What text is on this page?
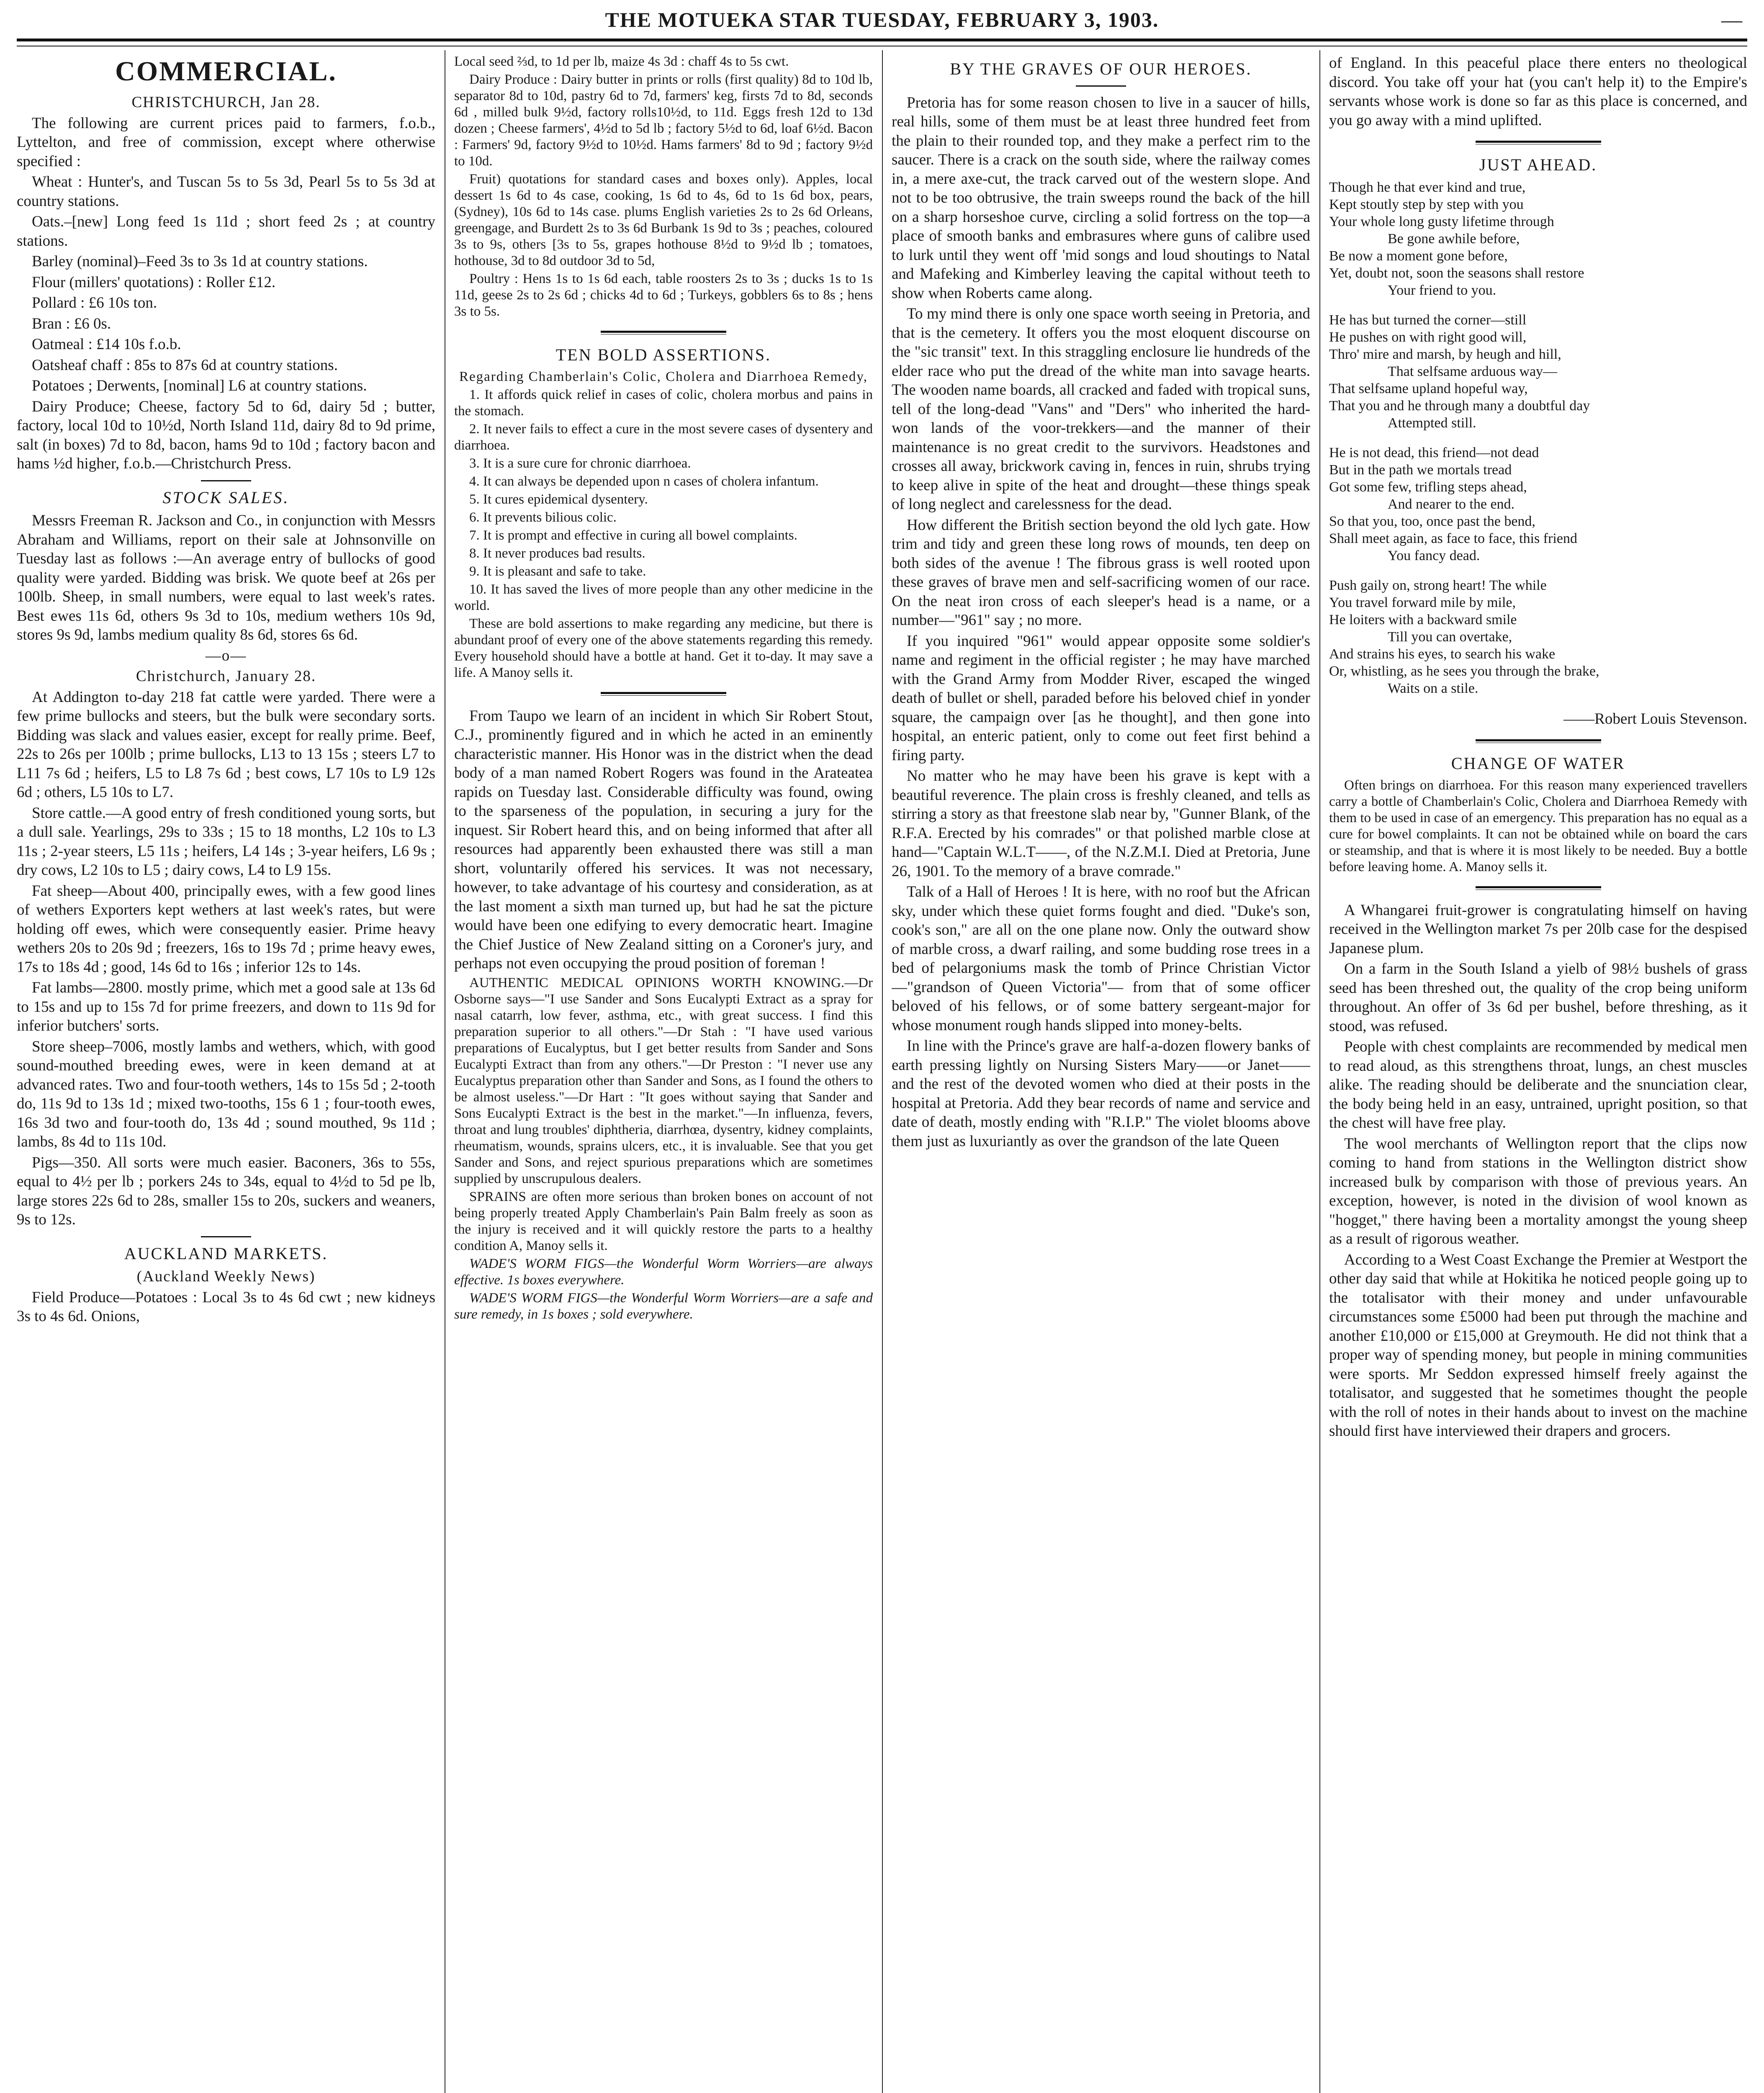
THE MOTUEKA STAR TUESDAY, FEBRUARY 3, 1903.	—
COMMERCIAL.

CHRISTCHURCH, Jan 28.

The following are current prices paid to farmers, f.o.b., Lyttelton, and free of commission, except where otherwise specified :

Wheat : Hunter's, and Tuscan 5s to 5s 3d, Pearl 5s to 5s 3d at country stations.

Oats.–[new] Long feed 1s 11d ; short feed 2s ; at country stations.

Barley (nominal)–Feed 3s to 3s 1d at country stations.

Flour (millers' quotations) : Roller £12.

Pollard : £6 10s ton.

Bran : £6 0s.

Oatmeal : £14 10s f.o.b.

Oatsheaf chaff : 85s to 87s 6d at country stations.

Potatoes ; Derwents, [nominal] L6 at country stations.

Dairy Produce; Cheese, factory 5d to 6d, dairy 5d ; butter, factory, local 10d to 10½d, North Island 11d, dairy 8d to 9d prime, salt (in boxes) 7d to 8d, bacon, hams 9d to 10d ; factory bacon and hams ½d higher, f.o.b.—Christchurch Press.

STOCK SALES.

Messrs Freeman R. Jackson and Co., in conjunction with Messrs Abraham and Williams, report on their sale at Johnsonville on Tuesday last as follows :—An average entry of bullocks of good quality were yarded. Bidding was brisk. We quote beef at 26s per 100lb. Sheep, in small numbers, were equal to last week's rates. Best ewes 11s 6d, others 9s 3d to 10s, medium wethers 10s 9d, stores 9s 9d, lambs medium quality 8s 6d, stores 6s 6d.

—o—

Christchurch, January 28.

At Addington to-day 218 fat cattle were yarded. There were a few prime bullocks and steers, but the bulk were secondary sorts. Bidding was slack and values easier, except for really prime. Beef, 22s to 26s per 100lb ; prime bullocks, L13 to 13 15s ; steers L7 to L11 7s 6d ; heifers, L5 to L8 7s 6d ; best cows, L7 10s to L9 12s 6d ; others, L5 10s to L7.

Store cattle.—A good entry of fresh conditioned young sorts, but a dull sale. Yearlings, 29s to 33s ; 15 to 18 months, L2 10s to L3 11s ; 2-year steers, L5 11s ; heifers, L4 14s ; 3-year heifers, L6 9s ; dry cows, L2 10s to L5 ; dairy cows, L4 to L9 15s.

Fat sheep—About 400, principally ewes, with a few good lines of wethers Exporters kept wethers at last week's rates, but were holding off ewes, which were consequently easier. Prime heavy wethers 20s to 20s 9d ; freezers, 16s to 19s 7d ; prime heavy ewes, 17s to 18s 4d ; good, 14s 6d to 16s ; inferior 12s to 14s.

Fat lambs—2800. mostly prime, which met a good sale at 13s 6d to 15s and up to 15s 7d for prime freezers, and down to 11s 9d for inferior butchers' sorts.

Store sheep–7006, mostly lambs and wethers, which, with good sound-mouthed breeding ewes, were in keen demand at at advanced rates. Two and four-tooth wethers, 14s to 15s 5d ; 2-tooth do, 11s 9d to 13s 1d ; mixed two-tooths, 15s 6 1 ; four-tooth ewes, 16s 3d two and four-tooth do, 13s 4d ; sound mouthed, 9s 11d ; lambs, 8s 4d to 11s 10d.

Pigs—350. All sorts were much easier. Baconers, 36s to 55s, equal to 4½ per lb ; porkers 24s to 34s, equal to 4½d to 5d pe lb, large stores 22s 6d to 28s, smaller 15s to 20s, suckers and weaners, 9s to 12s.

AUCKLAND MARKETS.

(Auckland Weekly News)

Field Produce—Potatoes : Local 3s to 4s 6d cwt ; new kidneys 3s to 4s 6d. Onions,

Local seed ⅔d, to 1d per lb, maize 4s 3d : chaff 4s to 5s cwt.

Dairy Produce : Dairy butter in prints or rolls (first quality) 8d to 10d lb, separator 8d to 10d, pastry 6d to 7d, farmers' keg, firsts 7d to 8d, seconds 6d , milled bulk 9½d, factory rolls10½d, to 11d. Eggs fresh 12d to 13d dozen ; Cheese farmers', 4½d to 5d lb ; factory 5½d to 6d, loaf 6½d. Bacon : Farmers' 9d, factory 9½d to 10½d. Hams farmers' 8d to 9d ; factory 9½d to 10d.

Fruit) quotations for standard cases and boxes only). Apples, local dessert 1s 6d to 4s case, cooking, 1s 6d to 4s, 6d to 1s 6d box, pears, (Sydney), 10s 6d to 14s case. plums English varieties 2s to 2s 6d Orleans, greengage, and Burdett 2s to 3s 6d Burbank 1s 9d to 3s ; peaches, coloured 3s to 9s, others [3s to 5s, grapes hothouse 8½d to 9½d lb ; tomatoes, hothouse, 3d to 8d outdoor 3d to 5d,

Poultry : Hens 1s to 1s 6d each, table roosters 2s to 3s ; ducks 1s to 1s 11d, geese 2s to 2s 6d ; chicks 4d to 6d ; Turkeys, gobblers 6s to 8s ; hens 3s to 5s.

TEN BOLD ASSERTIONS.

Regarding Chamberlain's Colic, Cholera and Diarrhoea Remedy,

1. It affords quick relief in cases of colic, cholera morbus and pains in the stomach.

2. It never fails to effect a cure in the most severe cases of dysentery and diarrhoea.

3. It is a sure cure for chronic diarrhoea.

4. It can always be depended upon n cases of cholera infantum.

5. It cures epidemical dysentery.

6. It prevents bilious colic.

7. It is prompt and effective in curing all bowel complaints.

8. It never produces bad results.

9. It is pleasant and safe to take.

10. It has saved the lives of more people than any other medicine in the world.

These are bold assertions to make regarding any medicine, but there is abundant proof of every one of the above statements regarding this remedy. Every household should have a bottle at hand. Get it to-day. It may save a life. A Manoy sells it.

From Taupo we learn of an incident in which Sir Robert Stout, C.J., prominently figured and in which he acted in an eminently characteristic manner. His Honor was in the district when the dead body of a man named Robert Rogers was found in the Arateatea rapids on Tuesday last. Considerable difficulty was found, owing to the sparseness of the population, in securing a jury for the inquest. Sir Robert heard this, and on being informed that after all resources had apparently been exhausted there was still a man short, voluntarily offered his services. It was not necessary, however, to take advantage of his courtesy and consideration, as at the last moment a sixth man turned up, but had he sat the picture would have been one edifying to every democratic heart. Imagine the Chief Justice of New Zealand sitting on a Coroner's jury, and perhaps not even occupying the proud position of foreman !

AUTHENTIC MEDICAL OPINIONS WORTH KNOWING.—Dr Osborne says—"I use Sander and Sons Eucalypti Extract as a spray for nasal catarrh, low fever, asthma, etc., with great success. I find this preparation superior to all others."—Dr Stah : "I have used various preparations of Eucalyptus, but I get better results from Sander and Sons Eucalypti Extract than from any others."—Dr Preston : "I never use any Eucalyptus preparation other than Sander and Sons, as I found the others to be almost useless."—Dr Hart : "It goes without saying that Sander and Sons Eucalypti Extract is the best in the market."—In influenza, fevers, throat and lung troubles' diphtheria, diarrhœa, dysentry, kidney complaints, rheumatism, wounds, sprains ulcers, etc., it is invaluable. See that you get Sander and Sons, and reject spurious preparations which are sometimes supplied by unscrupulous dealers.

SPRAINS are often more serious than broken bones on account of not being properly treated Apply Chamberlain's Pain Balm freely as soon as the injury is received and it will quickly restore the parts to a healthy condition A, Manoy sells it.

WADE'S WORM FIGS—the Wonderful Worm Worriers—are always effective. 1s boxes everywhere.

WADE'S WORM FIGS—the Wonderful Worm Worriers—are a safe and sure remedy, in 1s boxes ; sold everywhere.

BY THE GRAVES OF OUR HEROES.

Pretoria has for some reason chosen to live in a saucer of hills, real hills, some of them must be at least three hundred feet from the plain to their rounded top, and they make a perfect rim to the saucer. There is a crack on the south side, where the railway comes in, a mere axe-cut, the track carved out of the western slope. And not to be too obtrusive, the train sweeps round the back of the hill on a sharp horseshoe curve, circling a solid fortress on the top—a place of smooth banks and embrasures where guns of calibre used to lurk until they went off 'mid songs and loud shoutings to Natal and Mafeking and Kimberley leaving the capital without teeth to show when Roberts came along.

To my mind there is only one space worth seeing in Pretoria, and that is the cemetery. It offers you the most eloquent discourse on the "sic transit" text. In this straggling enclosure lie hundreds of the elder race who put the dread of the white man into savage hearts. The wooden name boards, all cracked and faded with tropical suns, tell of the long-dead "Vans" and "Ders" who inherited the hard-won lands of the voor-trekkers—and the manner of their maintenance is no great credit to the survivors. Headstones and crosses all away, brickwork caving in, fences in ruin, shrubs trying to keep alive in spite of the heat and drought—these things speak of long neglect and carelessness for the dead.

How different the British section beyond the old lych gate. How trim and tidy and green these long rows of mounds, ten deep on both sides of the avenue ! The fibrous grass is well rooted upon these graves of brave men and self-sacrificing women of our race. On the neat iron cross of each sleeper's head is a name, or a number—"961" say ; no more.

If you inquired "961" would appear opposite some soldier's name and regiment in the official register ; he may have marched with the Grand Army from Modder River, escaped the winged death of bullet or shell, paraded before his beloved chief in yonder square, the campaign over [as he thought], and then gone into hospital, an enteric patient, only to come out feet first behind a firing party.

No matter who he may have been his grave is kept with a beautiful reverence. The plain cross is freshly cleaned, and tells as stirring a story as that freestone slab near by, "Gunner Blank, of the R.F.A. Erected by his comrades" or that polished marble close at hand—"Captain W.L.T——, of the N.Z.M.I. Died at Pretoria, June 26, 1901. To the memory of a brave comrade."

Talk of a Hall of Heroes ! It is here, with no roof but the African sky, under which these quiet forms fought and died. "Duke's son, cook's son," are all on the one plane now. Only the outward show of marble cross, a dwarf railing, and some budding rose trees in a bed of pelargoniums mask the tomb of Prince Christian Victor —"grandson of Queen Victoria"— from that of some officer beloved of his fellows, or of some battery sergeant-major for whose monument rough hands slipped into money-belts.

In line with the Prince's grave are half-a-dozen flowery banks of earth pressing lightly on Nursing Sisters Mary——or Janet——and the rest of the devoted women who died at their posts in the hospital at Pretoria. Add they bear records of name and service and date of death, mostly ending with "R.I.P." The violet blooms above them just as luxuriantly as over the grandson of the late Queen

of England. In this peaceful place there enters no theological discord. You take off your hat (you can't help it) to the Empire's servants whose work is done so far as this place is concerned, and you go away with a mind uplifted.

JUST AHEAD.

Though he that ever kind and true,

Kept stoutly step by step with you

Your whole long gusty lifetime through

Be gone awhile before,

Be now a moment gone before,

Yet, doubt not, soon the seasons shall restore

Your friend to you.

He has but turned the corner—still

He pushes on with right good will,

Thro' mire and marsh, by heugh and hill,

That selfsame arduous way—

That selfsame upland hopeful way,

That you and he through many a doubtful day

Attempted still.

He is not dead, this friend—not dead

But in the path we mortals tread

Got some few, trifling steps ahead,

And nearer to the end.

So that you, too, once past the bend,

Shall meet again, as face to face, this friend

You fancy dead.

Push gaily on, strong heart! The while

You travel forward mile by mile,

He loiters with a backward smile

Till you can overtake,

And strains his eyes, to search his wake

Or, whistling, as he sees you through the brake,

Waits on a stile.

——Robert Louis Stevenson.

CHANGE OF WATER

Often brings on diarrhoea. For this reason many experienced travellers carry a bottle of Chamberlain's Colic, Cholera and Diarrhoea Remedy with them to be used in case of an emergency. This preparation has no equal as a cure for bowel complaints. It can not be obtained while on board the cars or steamship, and that is where it is most likely to be needed. Buy a bottle before leaving home. A. Manoy sells it.

A Whangarei fruit-grower is congratulating himself on having received in the Wellington market 7s per 20lb case for the despised Japanese plum.

On a farm in the South Island a yielb of 98½ bushels of grass seed has been threshed out, the quality of the crop being uniform throughout. An offer of 3s 6d per bushel, before threshing, as it stood, was refused.

People with chest complaints are recommended by medical men to read aloud, as this strengthens throat, lungs, an chest muscles alike. The reading should be deliberate and the snunciation clear, the body being held in an easy, untrained, upright position, so that the chest will have free play.

The wool merchants of Wellington report that the clips now coming to hand from stations in the Wellington district show increased bulk by comparison with those of previous years. An exception, however, is noted in the division of wool known as "hogget," there having been a mortality amongst the young sheep as a result of rigorous weather.

According to a West Coast Exchange the Premier at Westport the other day said that while at Hokitika he noticed people going up to the totalisator with their money and under unfavourable circumstances some £5000 had been put through the machine and another £10,000 or £15,000 at Greymouth. He did not think that a proper way of spending money, but people in mining communities were sports. Mr Seddon expressed himself freely against the totalisator, and suggested that he sometimes thought the people with the roll of notes in their hands about to invest on the machine should first have interviewed their drapers and grocers.
